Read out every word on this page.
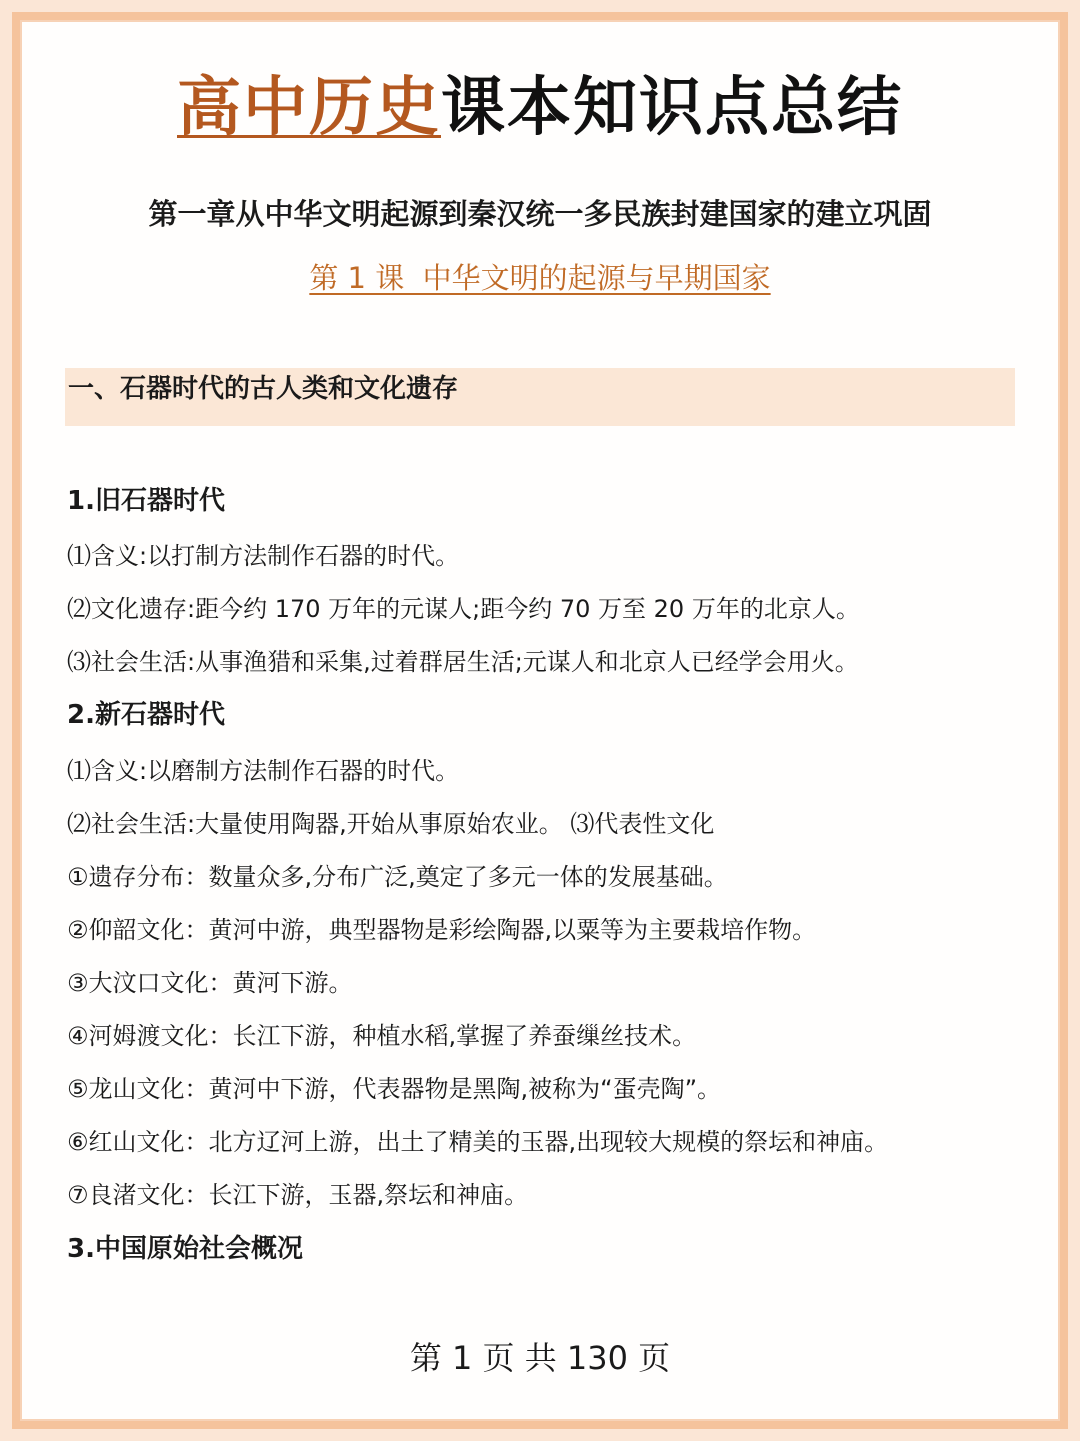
高中历史课本知识点总结
第一章从中华文明起源到秦汉统一多民族封建国家的建立巩固
第 1 课  中华文明的起源与早期国家
一、石器时代的古人类和文化遗存
1.旧石器时代
⑴含义:以打制方法制作石器的时代。
⑵文化遗存:距今约 170 万年的元谋人;距今约 70 万至 20 万年的北京人。
⑶社会生活:从事渔猎和采集,过着群居生活;元谋人和北京人已经学会用火。
2.新石器时代
⑴含义:以磨制方法制作石器的时代。
⑵社会生活:大量使用陶器,开始从事原始农业。 ⑶代表性文化
①遗存分布：数量众多,分布广泛,奠定了多元一体的发展基础。
②仰韶文化：黄河中游，典型器物是彩绘陶器,以粟等为主要栽培作物。
③大汶口文化：黄河下游。
④河姆渡文化：长江下游，种植水稻,掌握了养蚕缫丝技术。
⑤龙山文化：黄河中下游，代表器物是黑陶,被称为“蛋壳陶”。
⑥红山文化：北方辽河上游，出土了精美的玉器,出现较大规模的祭坛和神庙。
⑦良渚文化：长江下游，玉器,祭坛和神庙。
3.中国原始社会概况
第 1 页 共 130 页
